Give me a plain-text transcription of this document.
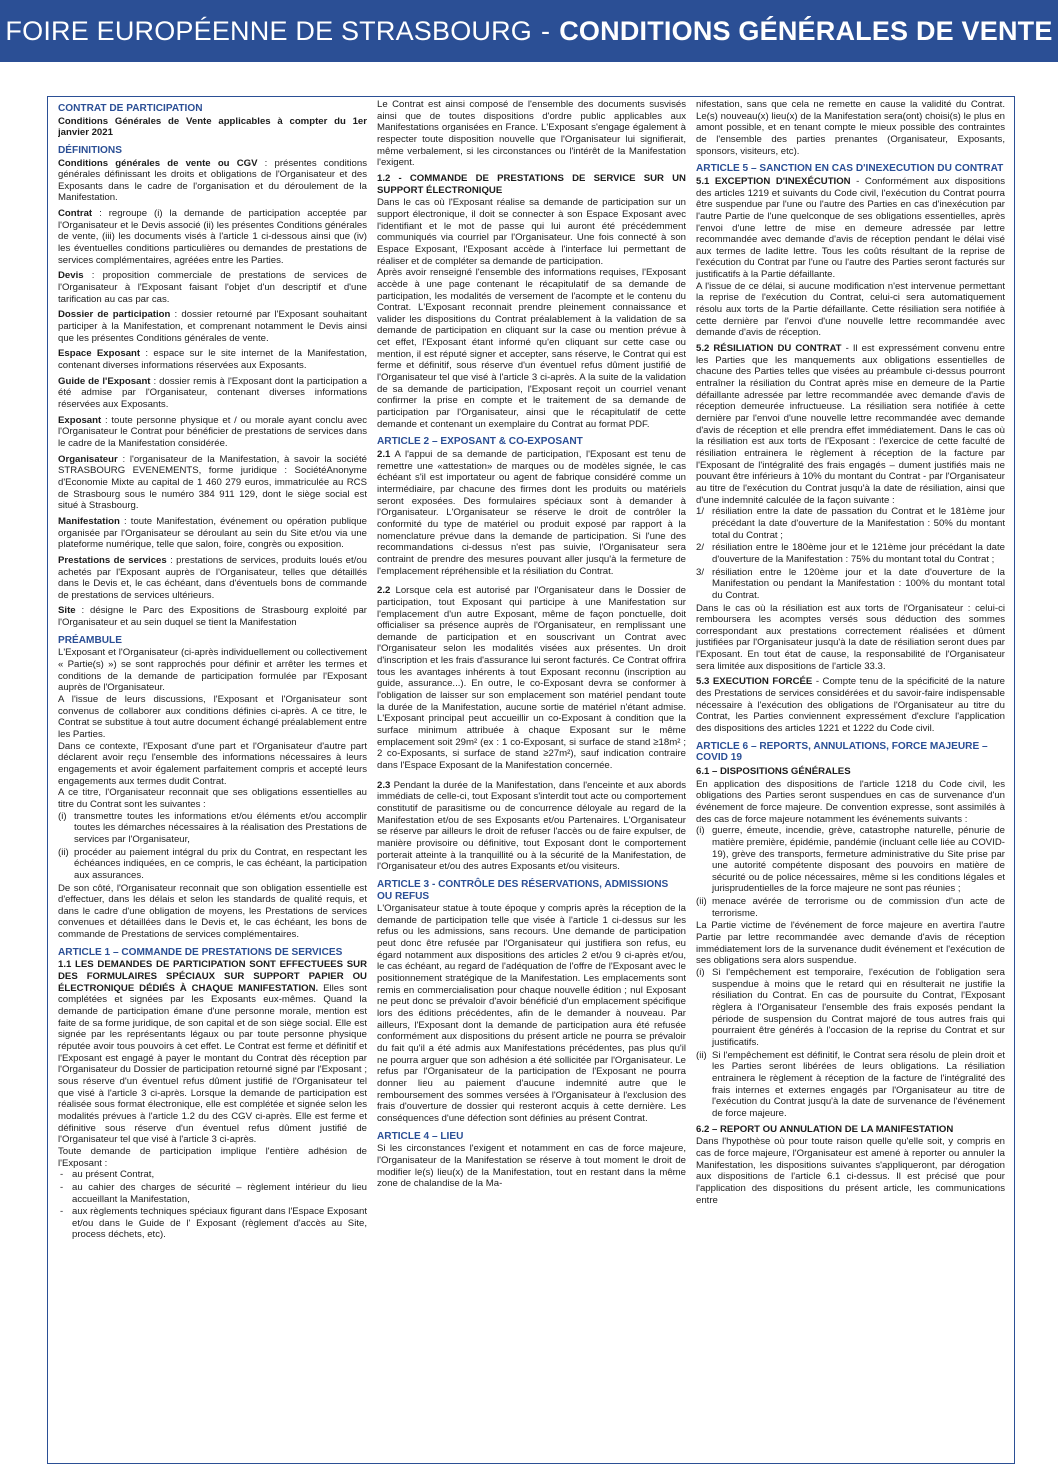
FOIRE EUROPÉENNE DE STRASBOURG - CONDITIONS GÉNÉRALES DE VENTE
CONTRAT DE PARTICIPATION
Conditions Générales de Vente applicables à compter du 1er janvier 2021
DÉFINITIONS

Conditions générales de vente ou CGV : présentes conditions générales définissant les droits et obligations de l'Organisateur et des Exposants dans le cadre de l'organisation et du déroulement de la Manifestation.

Contrat : regroupe (i) la demande de participation acceptée par l'Organisateur et le Devis associé (ii) les présentes Conditions générales de vente, (iii) les documents visés à l'article 1 ci-dessous ainsi que (iv) les éventuelles conditions particulières ou demandes de prestations de services complémentaires, agréées entre les Parties.

Devis : proposition commerciale de prestations de services de l'Organisateur à l'Exposant faisant l'objet d'un descriptif et d'une tarification au cas par cas.

Dossier de participation : dossier retourné par l'Exposant souhaitant participer à la Manifestation, et comprenant notamment le Devis ainsi que les présentes Conditions générales de vente.

Espace Exposant : espace sur le site internet de la Manifestation, contenant diverses informations réservées aux Exposants.

Guide de l'Exposant : dossier remis à l'Exposant dont la participation a été admise par l'Organisateur, contenant diverses informations réservées aux Exposants.

Exposant : toute personne physique et / ou morale ayant conclu avec l'Organisateur le Contrat pour bénéficier de prestations de services dans le cadre de la Manifestation considérée.

Organisateur : l'organisateur de la Manifestation, à savoir la société STRASBOURG EVENEMENTS, forme juridique : SociétéAnonyme d'Economie Mixte au capital de 1 460 279 euros, immatriculée au RCS de Strasbourg sous le numéro 384 911 129, dont le siège social est situé à Strasbourg.

Manifestation : toute Manifestation, événement ou opération publique organisée par l'Organisateur se déroulant au sein du Site et/ou via une plateforme numérique, telle que salon, foire, congrès ou exposition.

Prestations de services : prestations de services, produits loués et/ou achetés par l'Exposant auprès de l'Organisateur, telles que détaillés dans le Devis et, le cas échéant, dans d'éventuels bons de commande de prestations de services ultérieurs.

Site : désigne le Parc des Expositions de Strasbourg exploité par l'Organisateur et au sein duquel se tient la Manifestation

PRÉAMBULE

L'Exposant et l'Organisateur (ci-après individuellement ou collectivement « Partie(s) ») se sont rapprochés pour définir et arrêter les termes et conditions de la demande de participation formulée par l'Exposant auprès de l'Organisateur.

A l'issue de leurs discussions, l'Exposant et l'Organisateur sont convenus de collaborer aux conditions définies ci-après. A ce titre, le Contrat se substitue à tout autre document échangé préalablement entre les Parties.

Dans ce contexte, l'Exposant d'une part et l'Organisateur d'autre part déclarent avoir reçu l'ensemble des informations nécessaires à leurs engagements et avoir également parfaitement compris et accepté leurs engagements aux termes dudit Contrat.

A ce titre, l'Organisateur reconnait que ses obligations essentielles au titre du Contrat sont les suivantes :

(i) transmettre toutes les informations et/ou éléments et/ou accomplir toutes les démarches nécessaires à la réalisation des Prestations de services par l'Organisateur,
(ii) procéder au paiement intégral du prix du Contrat, en respectant les échéances indiquées, en ce compris, le cas échéant, la participation aux assurances.

De son côté, l'Organisateur reconnait que son obligation essentielle est d'effectuer, dans les délais et selon les standards de qualité requis, et dans le cadre d'une obligation de moyens, les Prestations de services convenues et détaillées dans le Devis et, le cas échéant, les bons de commande de Prestations de services complémentaires.

ARTICLE 1 – COMMANDE DE PRESTATIONS DE SERVICES

1.1 LES DEMANDES DE PARTICIPATION SONT EFFECTUEES SUR DES FORMULAIRES SPÉCIAUX SUR SUPPORT PAPIER OU ÉLECTRONIQUE DÉDIÉS À CHAQUE MANIFESTATION. Elles sont complétées et signées par les Exposants eux-mêmes. Quand la demande de participation émane d'une personne morale, mention est faite de sa forme juridique, de son capital et de son siège social. Elle est signée par les représentants légaux ou par toute personne physique réputée avoir tous pouvoirs à cet effet. Le Contrat est ferme et définitif et l'Exposant est engagé à payer le montant du Contrat dès réception par l'Organisateur du Dossier de participation retourné signé par l'Exposant ; sous réserve d'un éventuel refus dûment justifié de l'Organisateur tel que visé à l'article 3 ci-après. Lorsque la demande de participation est réalisée sous format électronique, elle est complétée et signée selon les modalités prévues à l'article 1.2 du des CGV ci-après. Elle est ferme et définitive sous réserve d'un éventuel refus dûment justifié de l'Organisateur tel que visé à l'article 3 ci-après.

Toute demande de participation implique l'entière adhésion de l'Exposant :

- au présent Contrat,
- au cahier des charges de sécurité – règlement intérieur du lieu accueillant la Manifestation,
- aux règlements techniques spéciaux figurant dans l'Espace Exposant et/ou dans le Guide de l' Exposant (règlement d'accès au Site, process déchets, etc).

Le Contrat est ainsi composé de l'ensemble des documents susvisés ainsi que de toutes dispositions d'ordre public applicables aux Manifestations organisées en France. L'Exposant s'engage également à respecter toute disposition nouvelle que l'Organisateur lui signifierait, même verbalement, si les circonstances ou l'intérêt de la Manifestation l'exigent.

1.2 - COMMANDE DE PRESTATIONS DE SERVICE SUR UN SUPPORT ÉLECTRONIQUE

Dans le cas où l'Exposant réalise sa demande de participation sur un support électronique, il doit se connecter à son Espace Exposant avec l'identifiant et le mot de passe qui lui auront été précédemment communiqués via courriel par l'Organisateur. Une fois connecté à son Espace Exposant, l'Exposant accède à l'interface lui permettant de réaliser et de compléter sa demande de participation.

Après avoir renseigné l'ensemble des informations requises, l'Exposant accède à une page contenant le récapitulatif de sa demande de participation, les modalités de versement de l'acompte et le contenu du Contrat. L'Exposant reconnait prendre pleinement connaissance et valider les dispositions du Contrat préalablement à la validation de sa demande de participation en cliquant sur la case ou mention prévue à cet effet, l'Exposant étant informé qu'en cliquant sur cette case ou mention, il est réputé signer et accepter, sans réserve, le Contrat qui est ferme et définitif, sous réserve d'un éventuel refus dûment justifié de l'Organisateur tel que visé à l'article 3 ci-après. A la suite de la validation de sa demande de participation, l'Exposant reçoit un courriel venant confirmer la prise en compte et le traitement de sa demande de participation par l'Organisateur, ainsi que le récapitulatif de cette demande et contenant un exemplaire du Contrat au format PDF.

ARTICLE 2 – EXPOSANT & CO-EXPOSANT

2.1 A l'appui de sa demande de participation, l'Exposant est tenu de remettre une «attestation» de marques ou de modèles signée, le cas échéant s'il est importateur ou agent de fabrique considéré comme un intermédiaire, par chacune des firmes dont les produits ou matériels seront exposées. Des formulaires spéciaux sont à demander à l'Organisateur. L'Organisateur se réserve le droit de contrôler la conformité du type de matériel ou produit exposé par rapport à la nomenclature prévue dans la demande de participation. Si l'une des recommandations ci-dessus n'est pas suivie, l'Organisateur sera contraint de prendre des mesures pouvant aller jusqu'à la fermeture de l'emplacement répréhensible et la résiliation du Contrat.

2.2 Lorsque cela est autorisé par l'Organisateur dans le Dossier de participation, tout Exposant qui participe à une Manifestation sur l'emplacement d'un autre Exposant, même de façon ponctuelle, doit officialiser sa présence auprès de l'Organisateur, en remplissant une demande de participation et en souscrivant un Contrat avec l'Organisateur selon les modalités visées aux présentes. Un droit d'inscription et les frais d'assurance lui seront facturés. Ce Contrat offrira tous les avantages inhérents à tout Exposant reconnu (inscription au guide, assurance...). En outre, le co-Exposant devra se conformer à l'obligation de laisser sur son emplacement son matériel pendant toute la durée de la Manifestation, aucune sortie de matériel n'étant admise. L'Exposant principal peut accueillir un co-Exposant à condition que la surface minimum attribuée à chaque Exposant sur le même emplacement soit 29m² (ex : 1 co-Exposant, si surface de stand ≥18m² ; 2 co-Exposants, si surface de stand ≥27m²), sauf indication contraire dans l'Espace Exposant de la Manifestation concernée.

2.3 Pendant la durée de la Manifestation, dans l'enceinte et aux abords immédiats de celle-ci, tout Exposant s'interdit tout acte ou comportement constitutif de parasitisme ou de concurrence déloyale au regard de la Manifestation et/ou de ses Exposants et/ou Partenaires. L'Organisateur se réserve par ailleurs le droit de refuser l'accès ou de faire expulser, de manière provisoire ou définitive, tout Exposant dont le comportement porterait atteinte à la tranquillité ou à la sécurité de la Manifestation, de l'Organisateur et/ou des autres Exposants et/ou visiteurs.

ARTICLE 3 - CONTRÔLE DES RÉSERVATIONS, ADMISSIONS OU REFUS

L'Organisateur statue à toute époque y compris après la réception de la demande de participation telle que visée à l'article 1 ci-dessus sur les refus ou les admissions, sans recours. Une demande de participation peut donc être refusée par l'Organisateur qui justifiera son refus, eu égard notamment aux dispositions des articles 2 et/ou 9 ci-après et/ou, le cas échéant, au regard de l'adéquation de l'offre de l'Exposant avec le positionnement stratégique de la Manifestation. Les emplacements sont remis en commercialisation pour chaque nouvelle édition ; nul Exposant ne peut donc se prévaloir d'avoir bénéficié d'un emplacement spécifique lors des éditions précédentes, afin de le demander à nouveau. Par ailleurs, l'Exposant dont la demande de participation aura été refusée conformément aux dispositions du présent article ne pourra se prévaloir du fait qu'il a été admis aux Manifestations précédentes, pas plus qu'il ne pourra arguer que son adhésion a été sollicitée par l'Organisateur. Le refus par l'Organisateur de la participation de l'Exposant ne pourra donner lieu au paiement d'aucune indemnité autre que le remboursement des sommes versées à l'Organisateur à l'exclusion des frais d'ouverture de dossier qui resteront acquis à cette dernière. Les conséquences d'une défection sont définies au présent Contrat.

ARTICLE 4 – LIEU

Si les circonstances l'exigent et notamment en cas de force majeure, l'Organisateur de la Manifestation se réserve à tout moment le droit de modifier le(s) lieu(x) de la Manifestation, tout en restant dans la même zone de chalandise de la Ma-

nifestation, sans que cela ne remette en cause la validité du Contrat. Le(s) nouveau(x) lieu(x) de la Manifestation sera(ont) choisi(s) le plus en amont possible, et en tenant compte le mieux possible des contraintes de l'ensemble des parties prenantes (Organisateur, Exposants, sponsors, visiteurs, etc).

ARTICLE 5 – SANCTION EN CAS D'INEXECUTION DU CONTRAT

5.1 EXCEPTION D'INEXÉCUTION - Conformément aux dispositions des articles 1219 et suivants du Code civil, l'exécution du Contrat pourra être suspendue par l'une ou l'autre des Parties en cas d'inexécution par l'autre Partie de l'une quelconque de ses obligations essentielles, après l'envoi d'une lettre de mise en demeure adressée par lettre recommandée avec demande d'avis de réception pendant le délai visé aux termes de ladite lettre. Tous les coûts résultant de la reprise de l'exécution du Contrat par l'une ou l'autre des Parties seront facturés sur justificatifs à la Partie défaillante.

A l'issue de ce délai, si aucune modification n'est intervenue permettant la reprise de l'exécution du Contrat, celui-ci sera automatiquement résolu aux torts de la Partie défaillante. Cette résiliation sera notifiée à cette dernière par l'envoi d'une nouvelle lettre recommandée avec demande d'avis de réception.

5.2 RÉSILIATION DU CONTRAT - Il est expressément convenu entre les Parties que les manquements aux obligations essentielles de chacune des Parties telles que visées au préambule ci-dessus pourront entraîner la résiliation du Contrat après mise en demeure de la Partie défaillante adressée par lettre recommandée avec demande d'avis de réception demeurée infructueuse. La résiliation sera notifiée à cette dernière par l'envoi d'une nouvelle lettre recommandée avec demande d'avis de réception et elle prendra effet immédiatement. Dans le cas où la résiliation est aux torts de l'Exposant : l'exercice de cette faculté de résiliation entrainera le règlement à réception de la facture par l'Exposant de l'intégralité des frais engagés – dument justifiés mais ne pouvant être inférieurs à 10% du montant du Contrat - par l'Organisateur au titre de l'exécution du Contrat jusqu'à la date de résiliation, ainsi que d'une indemnité calculée de la façon suivante :

1/ résiliation entre la date de passation du Contrat et le 181ème jour précédant la date d'ouverture de la Manifestation : 50% du montant total du Contrat ;
2/ résiliation entre le 180ème jour et le 121ème jour précédant la date d'ouverture de la Manifestation : 75% du montant total du Contrat ;
3/ résiliation entre le 120ème jour et la date d'ouverture de la Manifestation ou pendant la Manifestation : 100% du montant total du Contrat.

Dans le cas où la résiliation est aux torts de l'Organisateur : celui-ci remboursera les acomptes versés sous déduction des sommes correspondant aux prestations correctement réalisées et dûment justifiées par l'Organisateur jusqu'à la date de résiliation seront dues par l'Exposant. En tout état de cause, la responsabilité de l'Organisateur sera limitée aux dispositions de l'article 33.3.

5.3 EXECUTION FORCÉE - Compte tenu de la spécificité de la nature des Prestations de services considérées et du savoir-faire indispensable nécessaire à l'exécution des obligations de l'Organisateur au titre du Contrat, les Parties conviennent expressément d'exclure l'application des dispositions des articles 1221 et 1222 du Code civil.

ARTICLE 6 – REPORTS, ANNULATIONS, FORCE MAJEURE – COVID 19
6.1 – DISPOSITIONS GÉNÉRALES

En application des dispositions de l'article 1218 du Code civil, les obligations des Parties seront suspendues en cas de survenance d'un événement de force majeure. De convention expresse, sont assimilés à des cas de force majeure notamment les événements suivants :

(i) guerre, émeute, incendie, grève, catastrophe naturelle, pénurie de matière première, épidémie, pandémie (incluant celle liée au COVID-19), grève des transports, fermeture administrative du Site prise par une autorité compétente disposant des pouvoirs en matière de sécurité ou de police nécessaires, même si les conditions légales et jurisprudentielles de la force majeure ne sont pas réunies ;
(ii) menace avérée de terrorisme ou de commission d'un acte de terrorisme.

La Partie victime de l'événement de force majeure en avertira l'autre Partie par lettre recommandée avec demande d'avis de réception immédiatement lors de la survenance dudit événement et l'exécution de ses obligations sera alors suspendue.

(i) Si l'empêchement est temporaire, l'exécution de l'obligation sera suspendue à moins que le retard qui en résulterait ne justifie la résiliation du Contrat. En cas de poursuite du Contrat, l'Exposant règlera à l'Organisateur l'ensemble des frais exposés pendant la période de suspension du Contrat majoré de tous autres frais qui pourraient être générés à l'occasion de la reprise du Contrat et sur justificatifs.
(ii) Si l'empêchement est définitif, le Contrat sera résolu de plein droit et les Parties seront libérées de leurs obligations. La résiliation entrainera le règlement à réception de la facture de l'intégralité des frais internes et externes engagés par l'Organisateur au titre de l'exécution du Contrat jusqu'à la date de survenance de l'événement de force majeure.
6.2 – REPORT OU ANNULATION DE LA MANIFESTATION

Dans l'hypothèse où pour toute raison quelle qu'elle soit, y compris en cas de force majeure, l'Organisateur est amené à reporter ou annuler la Manifestation, les dispositions suivantes s'appliqueront, par dérogation aux dispositions de l'article 6.1 ci-dessus. Il est précisé que pour l'application des dispositions du présent article, les communications entre
